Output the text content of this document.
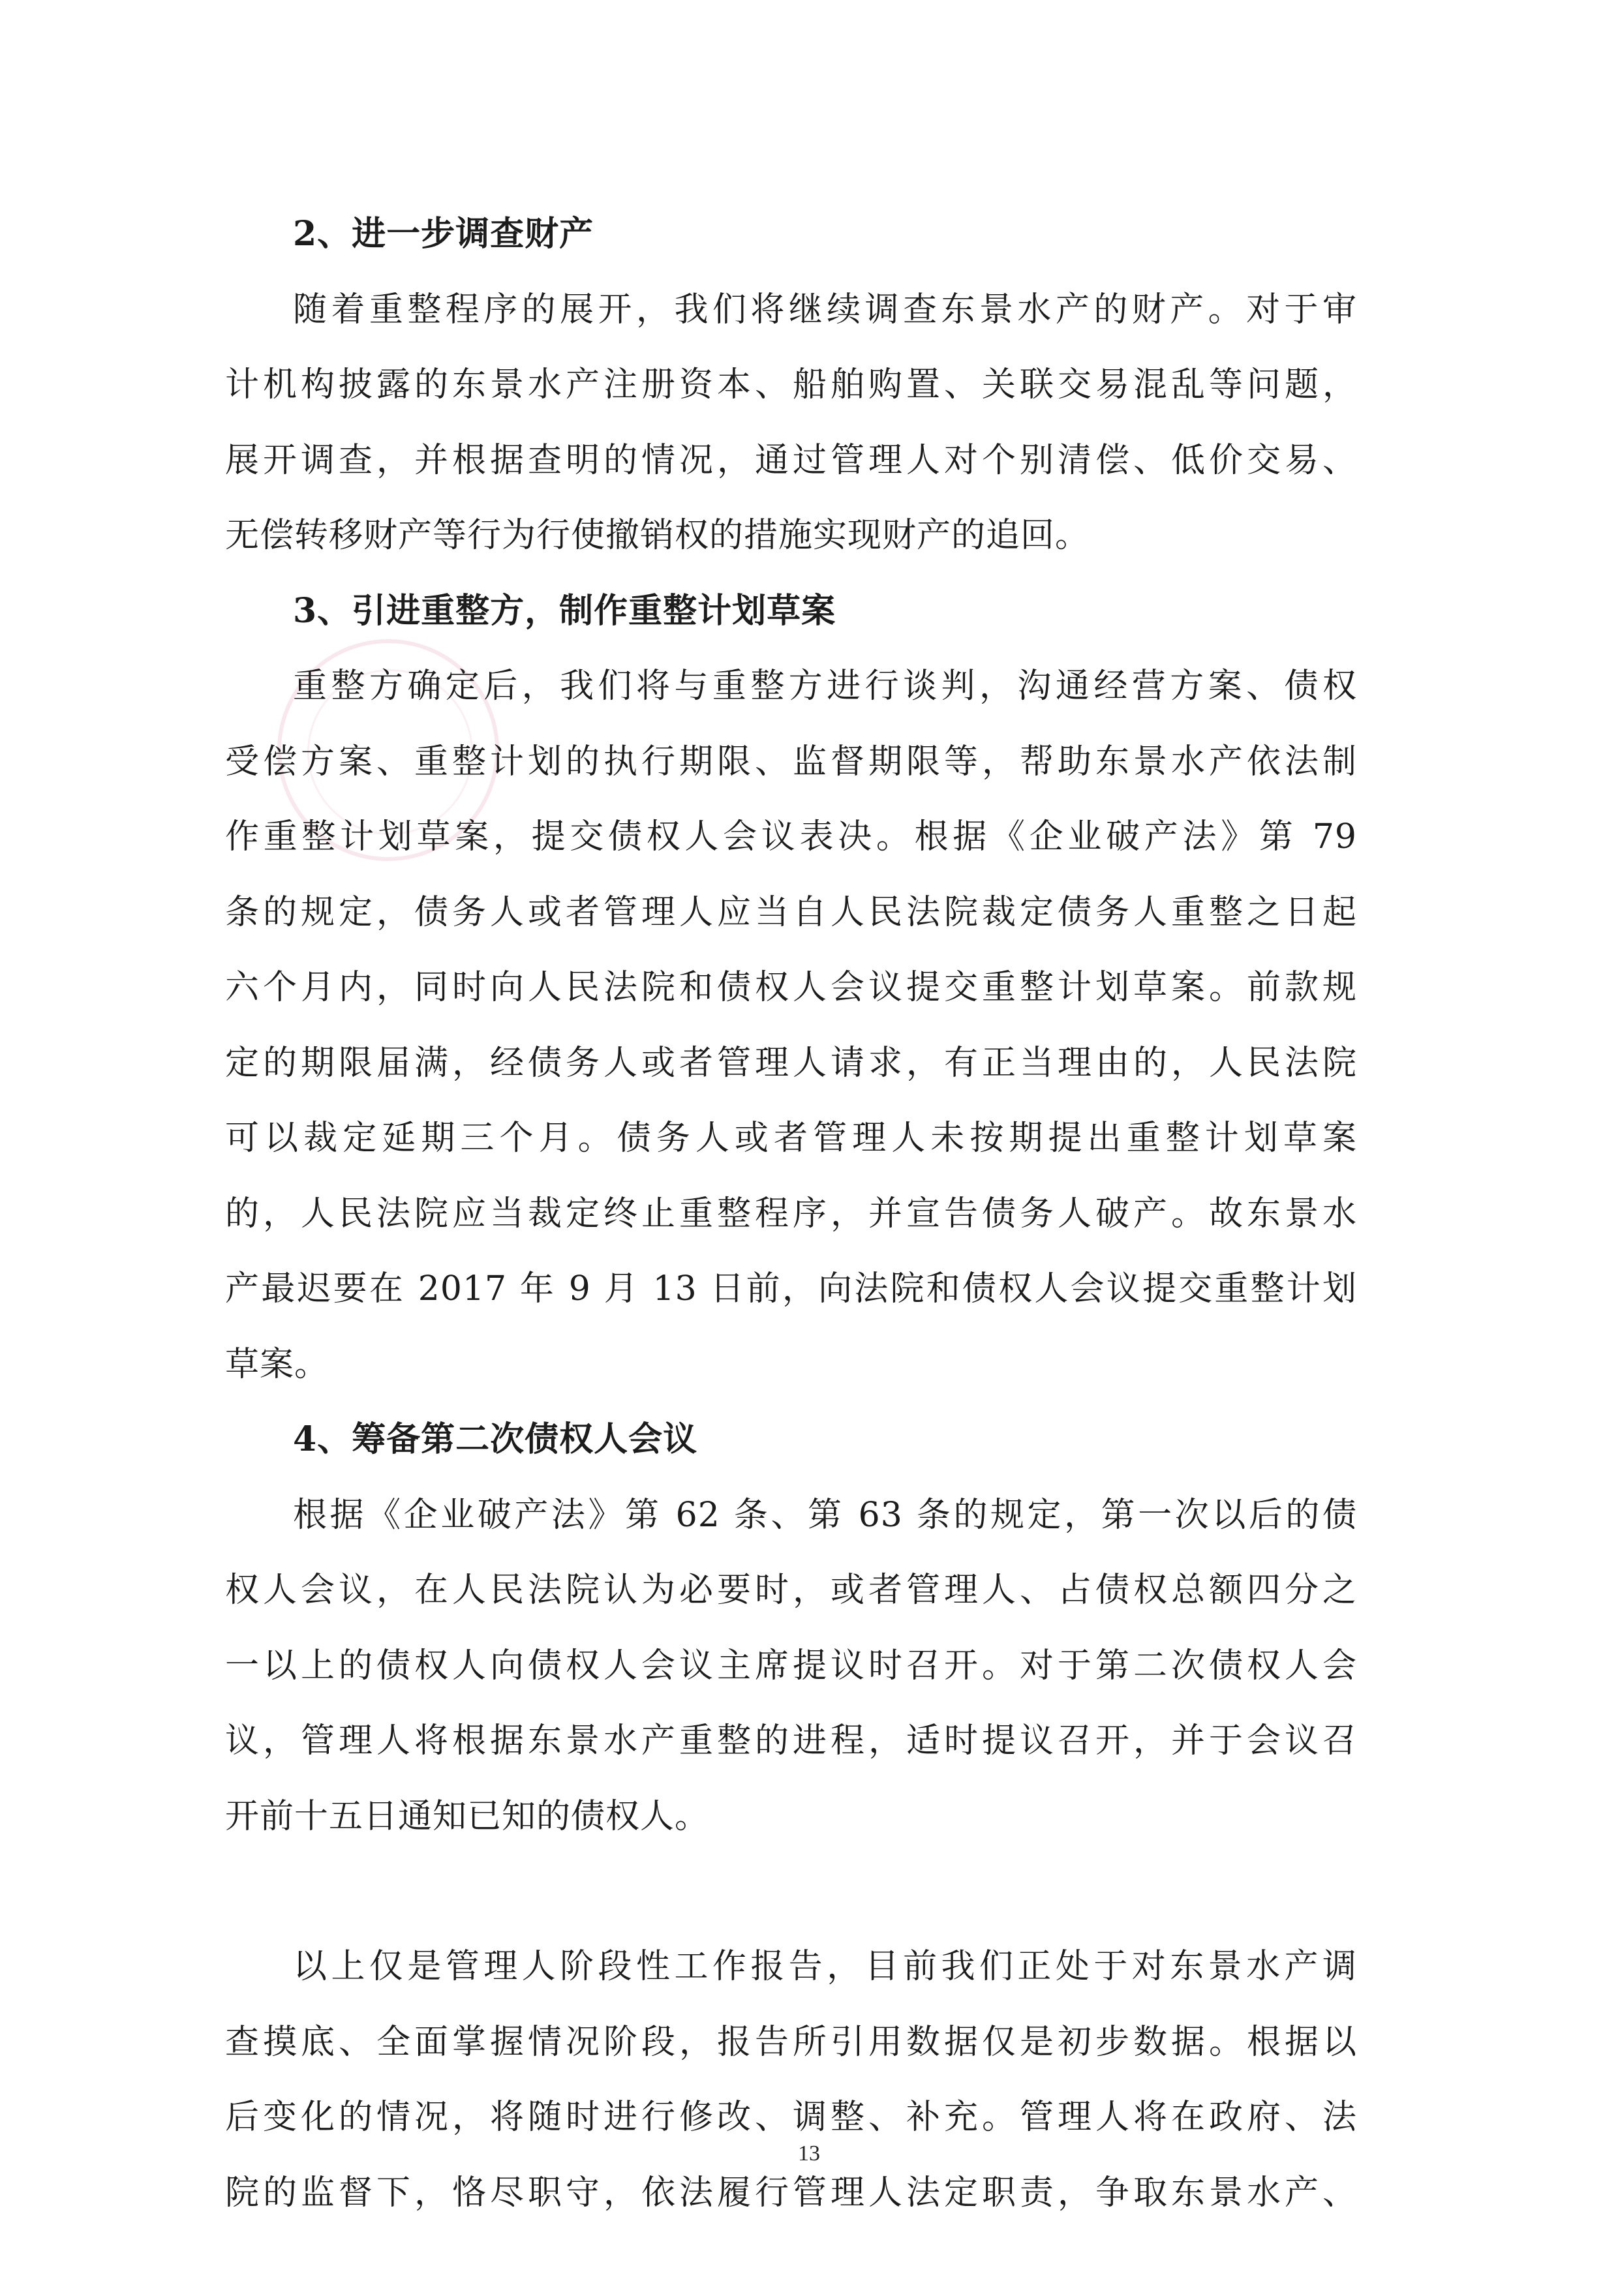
2、进一步调查财产
随着重整程序的展开，我们将继续调查东景水产的财产。对于审
计机构披露的东景水产注册资本、船舶购置、关联交易混乱等问题，
展开调查，并根据查明的情况，通过管理人对个别清偿、低价交易、
无偿转移财产等行为行使撤销权的措施实现财产的追回。
3、引进重整方，制作重整计划草案
重整方确定后，我们将与重整方进行谈判，沟通经营方案、债权
受偿方案、重整计划的执行期限、监督期限等，帮助东景水产依法制
作重整计划草案，提交债权人会议表决。根据《企业破产法》第 79
条的规定，债务人或者管理人应当自人民法院裁定债务人重整之日起
六个月内，同时向人民法院和债权人会议提交重整计划草案。前款规
定的期限届满，经债务人或者管理人请求，有正当理由的，人民法院
可以裁定延期三个月。债务人或者管理人未按期提出重整计划草案
的，人民法院应当裁定终止重整程序，并宣告债务人破产。故东景水
产最迟要在 2017 年 9 月 13 日前，向法院和债权人会议提交重整计划
草案。
4、筹备第二次债权人会议
根据《企业破产法》第 62 条、第 63 条的规定，第一次以后的债
权人会议，在人民法院认为必要时，或者管理人、占债权总额四分之
一以上的债权人向债权人会议主席提议时召开。对于第二次债权人会
议，管理人将根据东景水产重整的进程，适时提议召开，并于会议召
开前十五日通知已知的债权人。
以上仅是管理人阶段性工作报告，目前我们正处于对东景水产调
查摸底、全面掌握情况阶段，报告所引用数据仅是初步数据。根据以
后变化的情况，将随时进行修改、调整、补充。管理人将在政府、法
院的监督下，恪尽职守，依法履行管理人法定职责，争取东景水产、
13
